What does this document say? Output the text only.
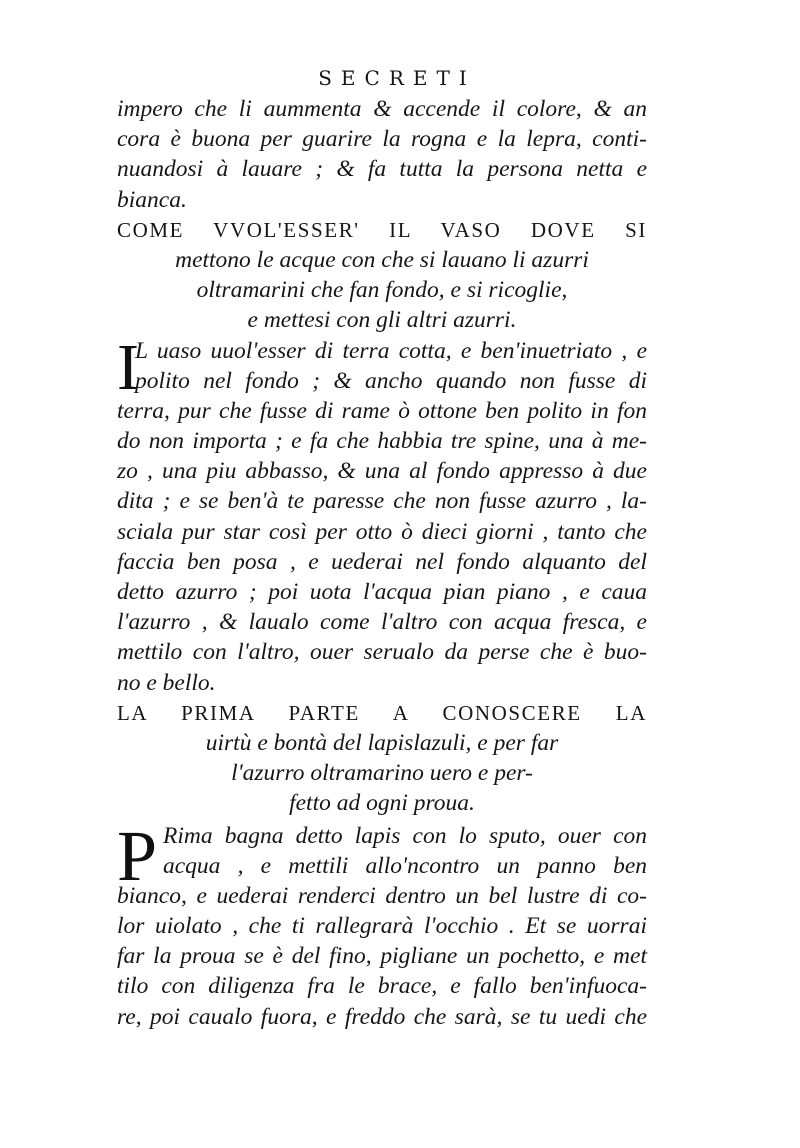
SECRETI
impero che li aummenta & accende il colore, & an
cora è buona per guarire la rogna e la lepra, conti-
nuandosi à lauare ; & fa tutta la persona netta e
bianca.
COME VVOL'ESSER' IL VASO DOVE SI
mettono le acque con che si lauano li azurri
oltramarini che fan fondo, e si ricoglie,
e mettesi con gli altri azurri.
I
L uaso uuol'esser di terra cotta, e ben'inuetriato , e
polito nel fondo ; & ancho quando non fusse di
terra, pur che fusse di rame ò ottone ben polito in fon
do non importa ; e fa che habbia tre spine, una à me-
zo , una piu abbasso, & una al fondo appresso à due
dita ; e se ben'à te paresse che non fusse azurro , la-
sciala pur star così per otto ò dieci giorni , tanto che
faccia ben posa , e uederai nel fondo alquanto del
detto azurro ; poi uota l'acqua pian piano , e caua
l'azurro , & laualo come l'altro con acqua fresca, e
mettilo con l'altro, ouer serualo da perse che è buo-
no e bello.
LA PRIMA PARTE A CONOSCERE LA
uirtù e bontà del lapislazuli, e per far
l'azurro oltramarino uero e per-
fetto ad ogni proua.
P Rima bagna detto lapis con lo sputo, ouer con
acqua , e mettili allo'ncontro un panno ben
bianco, e uederai renderci dentro un bel lustre di co-
lor uiolato , che ti rallegrarà l'occhio . Et se uorrai
far la proua se è del fino, pigliane un pochetto, e met
tilo con diligenza fra le brace, e fallo ben'infuoca-
re, poi caualo fuora, e freddo che sarà, se tu uedi che
